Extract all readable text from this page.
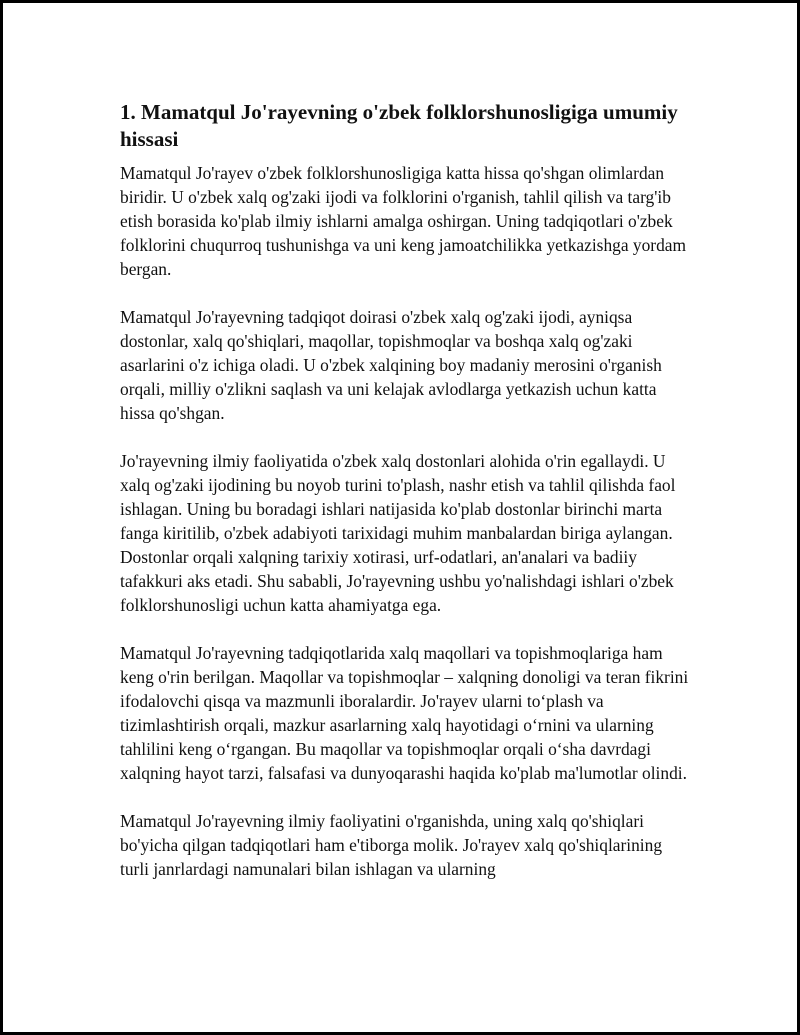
1. Mamatqul Jo'rayevning o'zbek folklorshunosligiga umumiy hissasi

Mamatqul Jo'rayev o'zbek folklorshunosligiga katta hissa qo'shgan olimlardan biridir. U o'zbek xalq og'zaki ijodi va folklorini o'rganish, tahlil qilish va targ'ib etish borasida ko'plab ilmiy ishlarni amalga oshirgan. Uning tadqiqotlari o'zbek folklorini chuqurroq tushunishga va uni keng jamoatchilikka yetkazishga yordam bergan.

Mamatqul Jo'rayevning tadqiqot doirasi o'zbek xalq og'zaki ijodi, ayniqsa dostonlar, xalq qo'shiqlari, maqollar, topishmoqlar va boshqa xalq og'zaki asarlarini o'z ichiga oladi. U o'zbek xalqining boy madaniy merosini o'rganish orqali, milliy o'zlikni saqlash va uni kelajak avlodlarga yetkazish uchun katta hissa qo'shgan.

Jo'rayevning ilmiy faoliyatida o'zbek xalq dostonlari alohida o'rin egallaydi. U xalq og'zaki ijodining bu noyob turini to'plash, nashr etish va tahlil qilishda faol ishlagan. Uning bu boradagi ishlari natijasida ko'plab dostonlar birinchi marta fanga kiritilib, o'zbek adabiyoti tarixidagi muhim manbalardan biriga aylangan. Dostonlar orqali xalqning tarixiy xotirasi, urf-odatlari, an'analari va badiiy tafakkuri aks etadi. Shu sababli, Jo'rayevning ushbu yo'nalishdagi ishlari o'zbek folklorshunosligi uchun katta ahamiyatga ega.

Mamatqul Jo'rayevning tadqiqotlarida xalq maqollari va topishmoqlariga ham keng o'rin berilgan. Maqollar va topishmoqlar – xalqning donoligi va teran fikrini ifodalovchi qisqa va mazmunli iboralardir. Jo'rayev ularni to‘plash va tizimlashtirish orqali, mazkur asarlarning xalq hayotidagi o‘rnini va ularning tahlilini keng o‘rgangan. Bu maqollar va topishmoqlar orqali o‘sha davrdagi xalqning hayot tarzi, falsafasi va dunyoqarashi haqida ko'plab ma'lumotlar olindi.

Mamatqul Jo'rayevning ilmiy faoliyatini o'rganishda, uning xalq qo'shiqlari bo'yicha qilgan tadqiqotlari ham e'tiborga molik. Jo'rayev xalq qo'shiqlarining turli janrlardagi namunalari bilan ishlagan va ularning
